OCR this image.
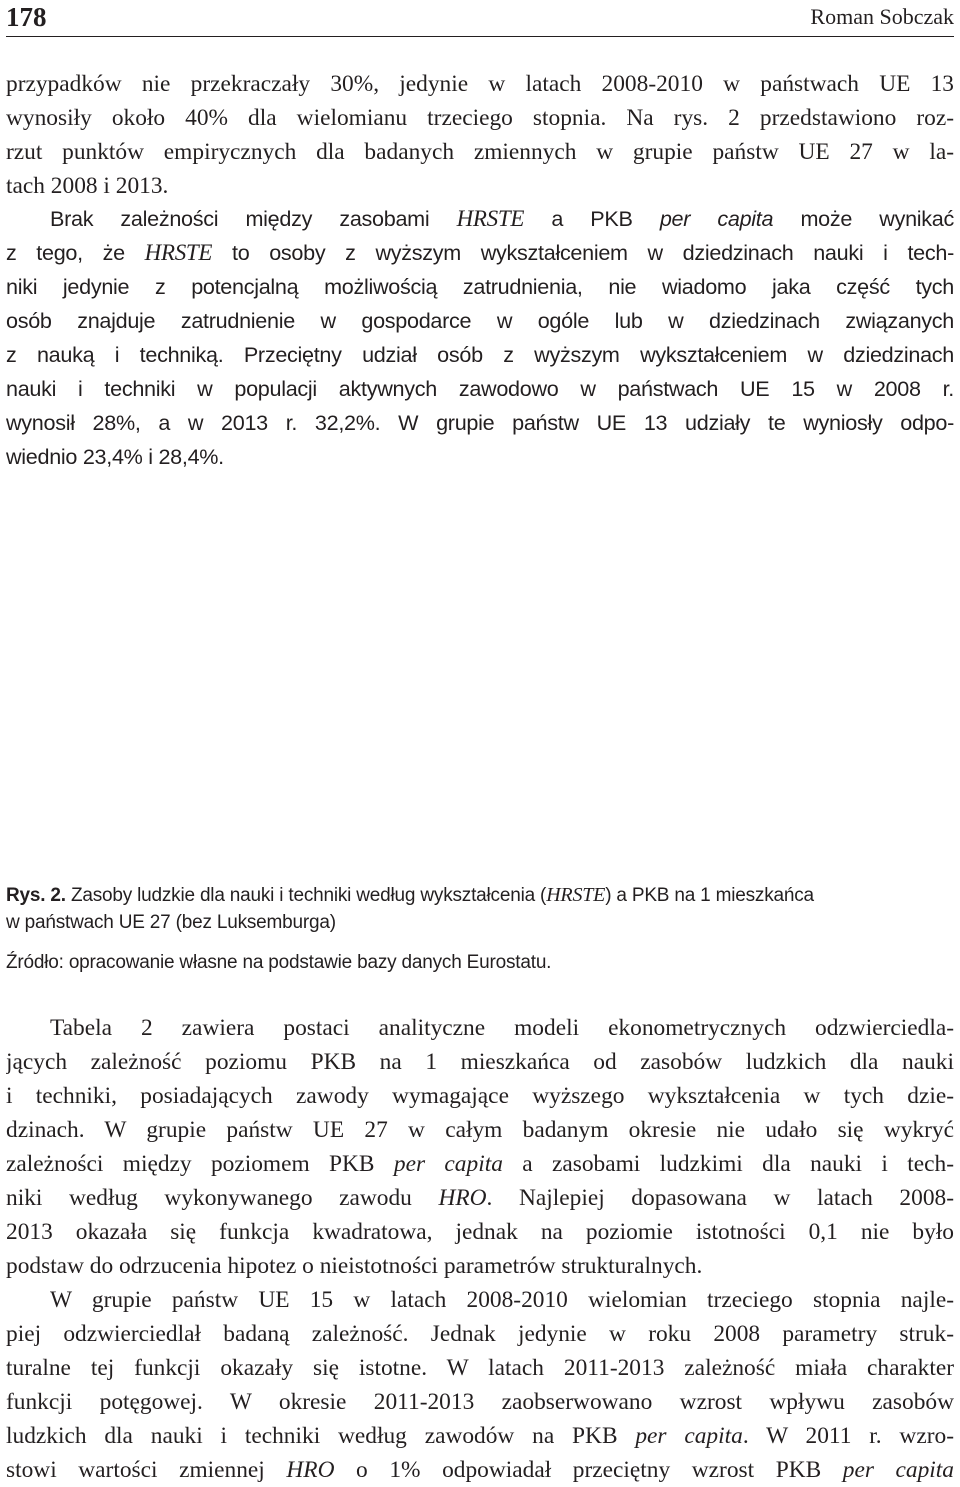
178	Roman Sobczak
przypadków nie przekraczały 30%, jedynie w latach 2008-2010 w państwach UE 13
wynosiły około 40% dla wielomianu trzeciego stopnia. Na rys. 2 przedstawiono roz-
rzut punktów empirycznych dla badanych zmiennych w grupie państw UE 27 w la-
tach 2008 i 2013.
Brak zależności między zasobami HRSTE a PKB per capita może wynikać
z tego, że HRSTE to osoby z wyższym wykształceniem w dziedzinach nauki i tech-
niki jedynie z potencjalną możliwością zatrudnienia, nie wiadomo jaka część tych
osób znajduje zatrudnienie w gospodarce w ogóle lub w dziedzinach związanych
z nauką i techniką. Przeciętny udział osób z wyższym wykształceniem w dziedzinach
nauki i techniki w populacji aktywnych zawodowo w państwach UE 15 w 2008 r.
wynosił 28%, a w 2013 r. 32,2%. W grupie państw UE 13 udziały te wyniosły odpo-
wiednio 23,4% i 28,4%.
Rys. 2. Zasoby ludzkie dla nauki i techniki według wykształcenia (HRSTE) a PKB na 1 mieszkańca
w państwach UE 27 (bez Luksemburga)
Źródło: opracowanie własne na podstawie bazy danych Eurostatu.
Tabela 2 zawiera postaci analityczne modeli ekonometrycznych odzwierciedla-
jących zależność poziomu PKB na 1 mieszkańca od zasobów ludzkich dla nauki
i techniki, posiadających zawody wymagające wyższego wykształcenia w tych dzie-
dzinach. W grupie państw UE 27 w całym badanym okresie nie udało się wykryć
zależności między poziomem PKB per capita a zasobami ludzkimi dla nauki i tech-
niki według wykonywanego zawodu HRO. Najlepiej dopasowana w latach 2008-
2013 okazała się funkcja kwadratowa, jednak na poziomie istotności 0,1 nie było
podstaw do odrzucenia hipotez o nieistotności parametrów strukturalnych.
W grupie państw UE 15 w latach 2008-2010 wielomian trzeciego stopnia najle-
piej odzwierciedlał badaną zależność. Jednak jedynie w roku 2008 parametry struk-
turalne tej funkcji okazały się istotne. W latach 2011-2013 zależność miała charakter
funkcji potęgowej. W okresie 2011-2013 zaobserwowano wzrost wpływu zasobów
ludzkich dla nauki i techniki według zawodów na PKB per capita. W 2011 r. wzro-
stowi wartości zmiennej HRO o 1% odpowiadał przeciętny wzrost PKB per capita
